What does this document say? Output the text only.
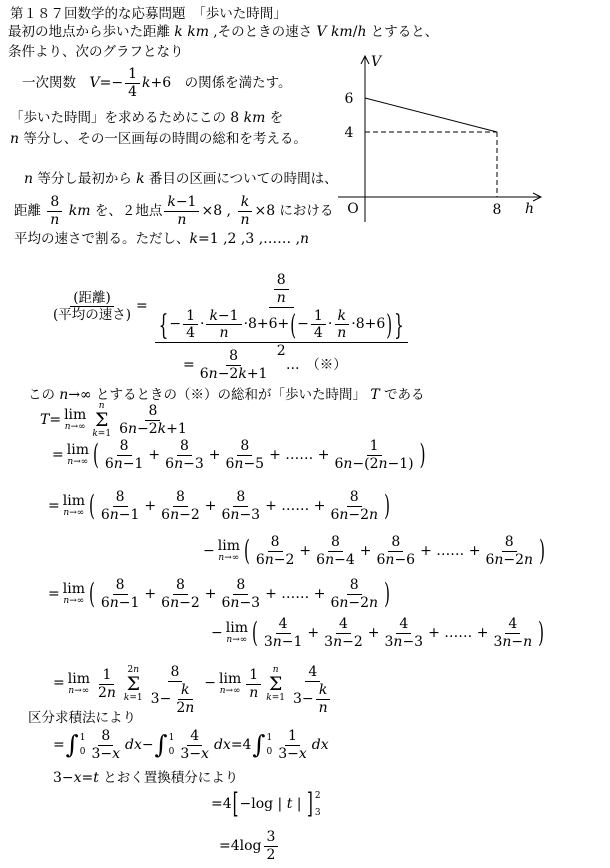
第１８７回数学的な応募問題　「歩いた時間」
最初の地点から歩いた距離 k km ,そのときの速さ V km/h とすると、
条件より、次のグラフとなり
一次関数　 $V=- \frac{1}{4} k+6$ 　の関係を満たす。
「歩いた時間」を求めるためにこの 8 km を
n 等分し、その一区画毎の時間の総和を考える。
n 等分し最初から k 番目の区画についての時間は、
距離
8
n
km を、２地点 $\frac{k-1}{n} \times 8$ , $\frac{k}{n} \times 8$ における
平均の速さで割る。ただし、 k=1 ,2 ,3 ,…… ,n
(距離)
(平均の速さ)
= 8
n
{ − $\frac{1}{4}$ ·
k−1
n
·8+6+ ( − $\frac{1}{4}$ ·
k
n
·8+6 ) }
2
= $\frac{8}{6n-2k+1}$ 　…　（※）
この n→∞ とするときの（※）の総和が「歩いた時間」 T である
T= lim
n→∞
n
Σ
k=1
8
6n−2k+1
= lim
n→∞ ( 8
6n−1
+ $\frac{8}{6n-3} + \frac{8}{6n-5}$ + …… + $\frac{1}{6n-(2n-1)}$ )
= lim
n→∞ ( 8
6n−1
+ $\frac{8}{6n-2} + \frac{8}{6n-3}$ + …… + $\frac{8}{6n-2n}$ )
− lim
n→∞ ( 8
6n−2
+ $\frac{8}{6n-4} + \frac{8}{6n-6}$ + …… + $\frac{8}{6n-2n}$ )
= lim
n→∞ ( 8
6n−1
+ $\frac{8}{6n-2} + \frac{8}{6n-3}$ + …… + $\frac{8}{6n-2n}$ )
− lim
n→∞ ( 4
3n−1
+ $\frac{4}{3n-2} + \frac{4}{3n-3}$ + …… + $\frac{4}{3n-n}$ )
= lim
n→∞
1
2n
2n
Σ
k=1
8
$3- \frac{k}{2n} - \lim$
n→∞
1
n
n
Σ
k=1
4
$3- \frac{k}{n}$
区分求積法により
= ∫ 1
0
8
3−x
dx− ∫ 1
0
4
3−x
dx=4 ∫ 1
0
1
3−x
dx
3−x=t とおく置換積分により
=4 [ −log | t | ] 2
3
=4log
3
2
V
6
4
O	8 h
